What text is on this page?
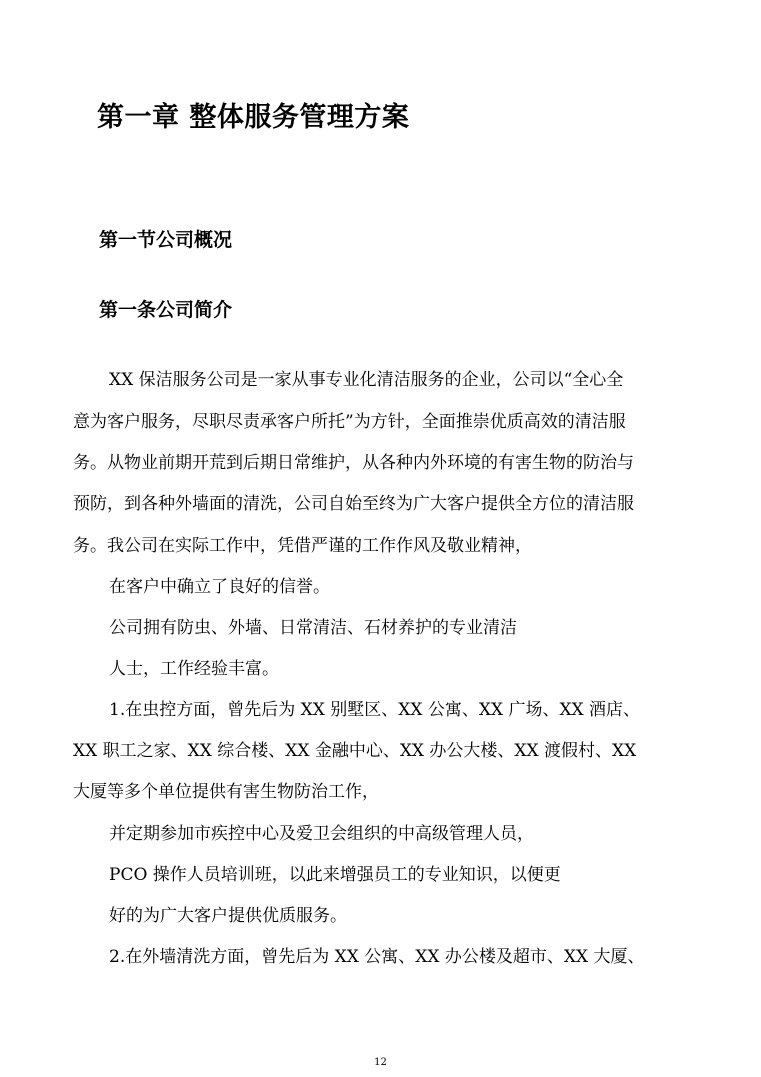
第一章 整体服务管理方案
第一节公司概况
第一条公司简介
XX 保洁服务公司是一家从事专业化清洁服务的企业，公司以“全心全
意为客户服务，尽职尽责承客户所托”为方针，全面推崇优质高效的清洁服
务。从物业前期开荒到后期日常维护，从各种内外环境的有害生物的防治与
预防，到各种外墙面的清洗，公司自始至终为广大客户提供全方位的清洁服
务。我公司在实际工作中，凭借严谨的工作作风及敬业精神，
在客户中确立了良好的信誉。
公司拥有防虫、外墙、日常清洁、石材养护的专业清洁
人士，工作经验丰富。
1.在虫控方面，曾先后为 XX 别墅区、XX 公寓、XX 广场、XX 酒店、
XX 职工之家、XX 综合楼、XX 金融中心、XX 办公大楼、XX 渡假村、XX
大厦等多个单位提供有害生物防治工作，
并定期参加市疾控中心及爱卫会组织的中高级管理人员，
PCO 操作人员培训班，以此来增强员工的专业知识，以便更
好的为广大客户提供优质服务。
2.在外墙清洗方面，曾先后为 XX 公寓、XX 办公楼及超市、XX 大厦、
12
